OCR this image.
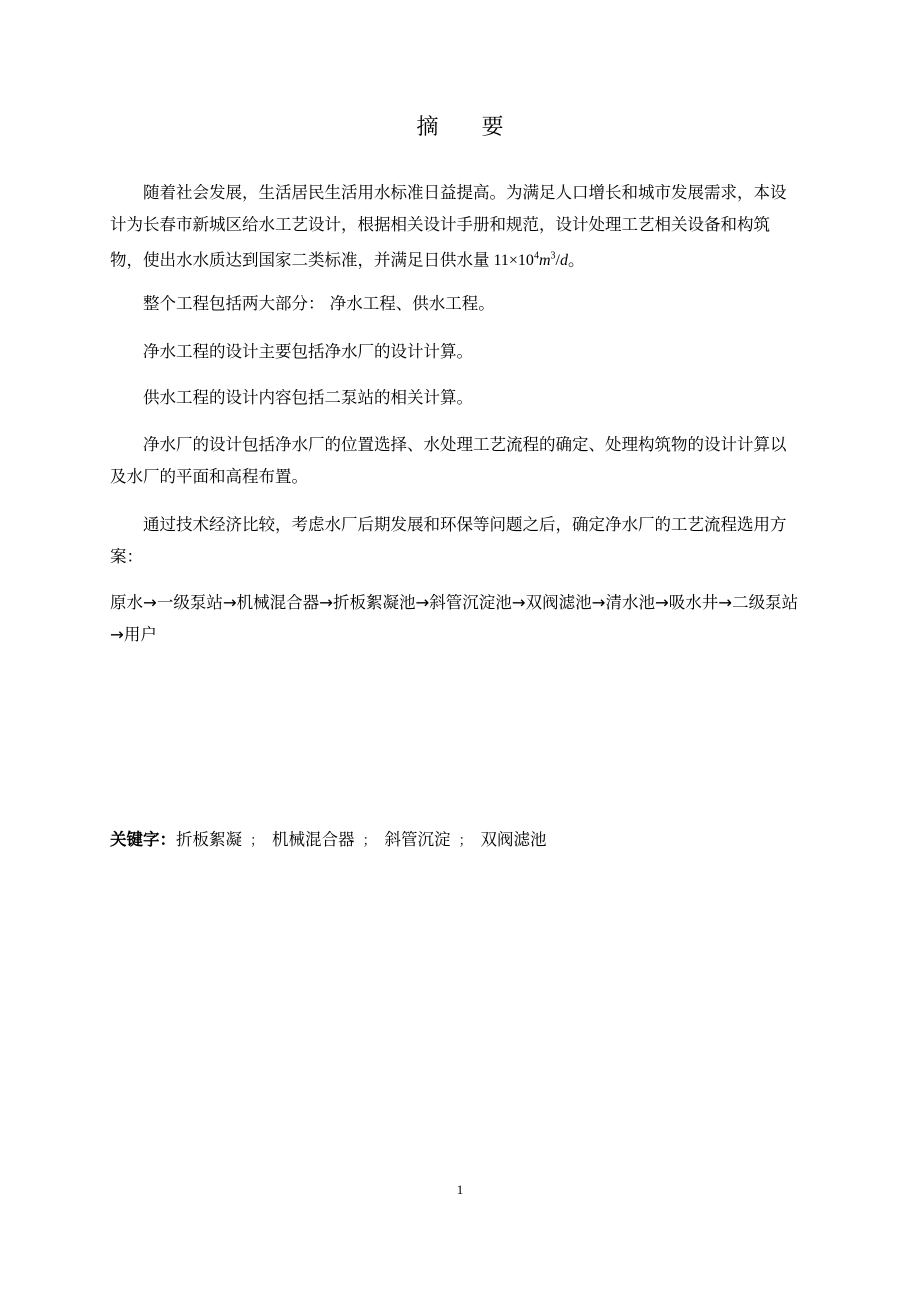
摘 要

随着社会发展，生活居民生活用水标准日益提高。为满足人口增长和城市发展需求，本设计为长春市新城区给水工艺设计，根据相关设计手册和规范，设计处理工艺相关设备和构筑物，使出水水质达到国家二类标准，并满足日供水量 $11\times 10^4m^3/d$。

整个工程包括两大部分： 净水工程、供水工程。

净水工程的设计主要包括净水厂的设计计算。

供水工程的设计内容包括二泵站的相关计算。

净水厂的设计包括净水厂的位置选择、水处理工艺流程的确定、处理构筑物的设计计算以及水厂的平面和高程布置。

通过技术经济比较，考虑水厂后期发展和环保等问题之后，确定净水厂的工艺流程选用方案：

原水→一级泵站→机械混合器→折板絮凝池→斜管沉淀池→双阀滤池→清水池→吸水井→二级泵站→用户

关键字：折板絮凝 ； 机械混合器 ； 斜管沉淀 ； 双阀滤池
1
